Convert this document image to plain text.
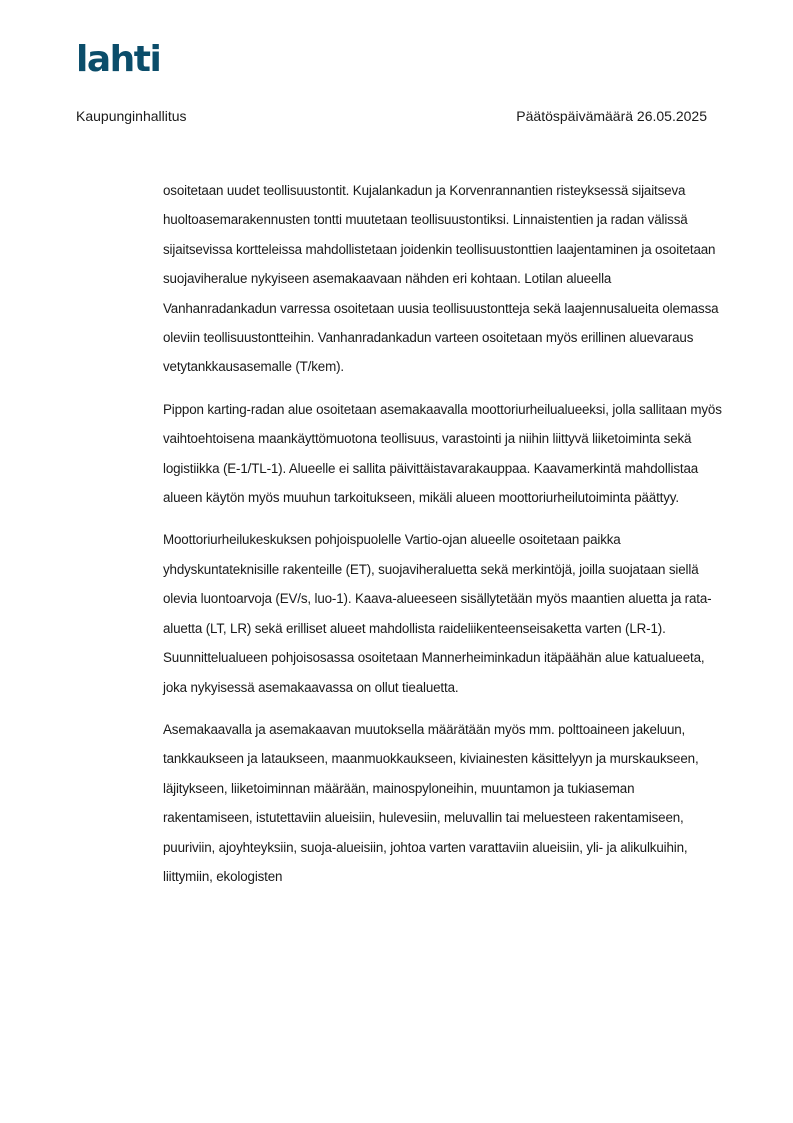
lahti
Kaupunginhallitus	Päätöspäivämäärä 26.05.2025

osoitetaan uudet teollisuustontit. Kujalankadun ja Korvenrannantien risteyksessä sijaitseva huoltoasemarakennusten tontti muutetaan teollisuustontiksi. Linnaistentien ja radan välissä sijaitsevissa kortteleissa mahdollistetaan joidenkin teollisuustonttien laajentaminen ja osoitetaan suojaviheralue nykyiseen asemakaavaan nähden eri kohtaan. Lotilan alueella Vanhanradankadun varressa osoitetaan uusia teollisuustontteja sekä laajennusalueita olemassa oleviin teollisuustontteihin. Vanhanradankadun varteen osoitetaan myös erillinen aluevaraus vetytankkausasemalle (T/kem).

Pippon karting-radan alue osoitetaan asemakaavalla moottoriurheilualueeksi, jolla sallitaan myös vaihtoehtoisena maankäyttömuotona teollisuus, varastointi ja niihin liittyvä liiketoiminta sekä logistiikka (E-1/TL-1). Alueelle ei sallita päivittäistavarakauppaa. Kaavamerkintä mahdollistaa alueen käytön myös muuhun tarkoitukseen, mikäli alueen moottoriurheilutoiminta päättyy.

Moottoriurheilukeskuksen pohjoispuolelle Vartio-ojan alueelle osoitetaan paikka yhdyskuntateknisille rakenteille (ET), suojaviheraluetta sekä merkintöjä, joilla suojataan siellä olevia luontoarvoja (EV/s, luo-1). Kaava-alueeseen sisällytetään myös maantien aluetta ja rata-aluetta (LT, LR) sekä erilliset alueet mahdollista raideliikenteenseisaketta varten (LR-1). Suunnittelualueen pohjoisosassa osoitetaan Mannerheiminkadun itäpäähän alue katualueeta, joka nykyisessä asemakaavassa on ollut tiealuetta.

Asemakaavalla ja asemakaavan muutoksella määrätään myös mm. polttoaineen jakeluun, tankkaukseen ja lataukseen, maanmuokkaukseen, kiviainesten käsittelyyn ja murskaukseen, läjitykseen, liiketoiminnan määrään, mainospyloneihin, muuntamon ja tukiaseman rakentamiseen, istutettaviin alueisiin, hulevesiin, meluvallin tai meluesteen rakentamiseen, puuriviin, ajoyhteyksiin, suoja-alueisiin, johtoa varten varattaviin alueisiin, yli- ja alikulkuihin, liittymiin, ekologisten
